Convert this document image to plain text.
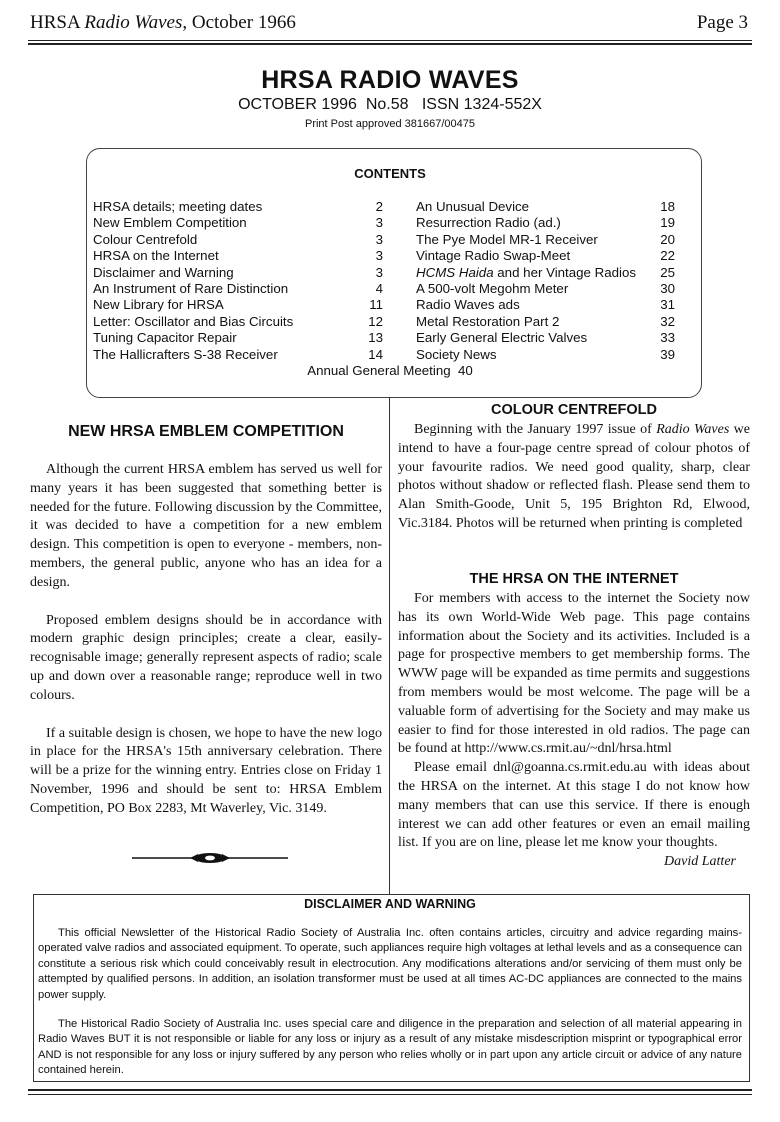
HRSA Radio Waves, October 1966	Page 3
HRSA RADIO WAVES
OCTOBER 1996  No.58   ISSN 1324-552X
Print Post approved 381667/00475
CONTENTS
HRSA details; meeting dates	2
New Emblem Competition	3
Colour Centrefold	3
HRSA on the Internet	3
Disclaimer and Warning	3
An Instrument of Rare Distinction	4
New Library for HRSA	11
Letter: Oscillator and Bias Circuits	12
Tuning Capacitor Repair	13
The Hallicrafters S-38 Receiver	14
An Unusual Device	18
Resurrection Radio (ad.)	19
The Pye Model MR-1 Receiver	20
Vintage Radio Swap-Meet	22
HCMS Haida and her Vintage Radios 25
A 500-volt Megohm Meter	30
Radio Waves ads	31
Metal Restoration Part 2	32
Early General Electric Valves	33
Society News	39
Annual General Meeting 40
NEW HRSA EMBLEM COMPETITION

Although the current HRSA emblem has served us well for many years it has been suggested that something better is needed for the future. Following discussion by the Committee, it was decided to have a competition for a new emblem design. This competition is open to everyone - members, non-members, the general public, anyone who has an idea for a design.

Proposed emblem designs should be in accordance with modern graphic design principles; create a clear, easily-recognisable image; generally represent aspects of radio; scale up and down over a reasonable range; reproduce well in two colours.

If a suitable design is chosen, we hope to have the new logo in place for the HRSA's 15th anniversary celebration. There will be a prize for the winning entry. Entries close on Friday 1 November, 1996 and should be sent to: HRSA Emblem Competition, PO Box 2283, Mt Waverley, Vic. 3149.

COLOUR CENTREFOLD

Beginning with the January 1997 issue of Radio Waves we intend to have a four-page centre spread of colour photos of your favourite radios. We need good quality, sharp, clear photos without shadow or reflected flash. Please send them to Alan Smith-Goode, Unit 5, 195 Brighton Rd, Elwood, Vic.3184. Photos will be returned when printing is completed

THE HRSA ON THE INTERNET

For members with access to the internet the Society now has its own World-Wide Web page. This page contains information about the Society and its activities. Included is a page for prospective members to get membership forms. The WWW page will be expanded as time permits and suggestions from members would be most welcome. The page will be a valuable form of advertising for the Society and may make us easier to find for those interested in old radios. The page can be found at http://www.cs.rmit.au/~dnl/hrsa.html

Please email dnl@goanna.cs.rmit.edu.au with ideas about the HRSA on the internet. At this stage I do not know how many members that can use this service. If there is enough interest we can add other features or even an email mailing list. If you are on line, please let me know your thoughts.
David Latter

DISCLAIMER AND WARNING

This official Newsletter of the Historical Radio Society of Australia Inc. often contains articles, circuitry and advice regarding mains-operated valve radios and associated equipment. To operate, such appliances require high voltages at lethal levels and as a consequence can constitute a serious risk which could conceivably result in electrocution. Any modifications alterations and/or servicing of them must only be attempted by qualified persons. In addition, an isolation transformer must be used at all times AC-DC appliances are connected to the mains power supply.

The Historical Radio Society of Australia Inc. uses special care and diligence in the preparation and selection of all material appearing in Radio Waves BUT it is not responsible or liable for any loss or injury as a result of any mistake misdescription misprint or typographical error AND is not responsible for any loss or injury suffered by any person who relies wholly or in part upon any article circuit or advice of any nature contained herein.
